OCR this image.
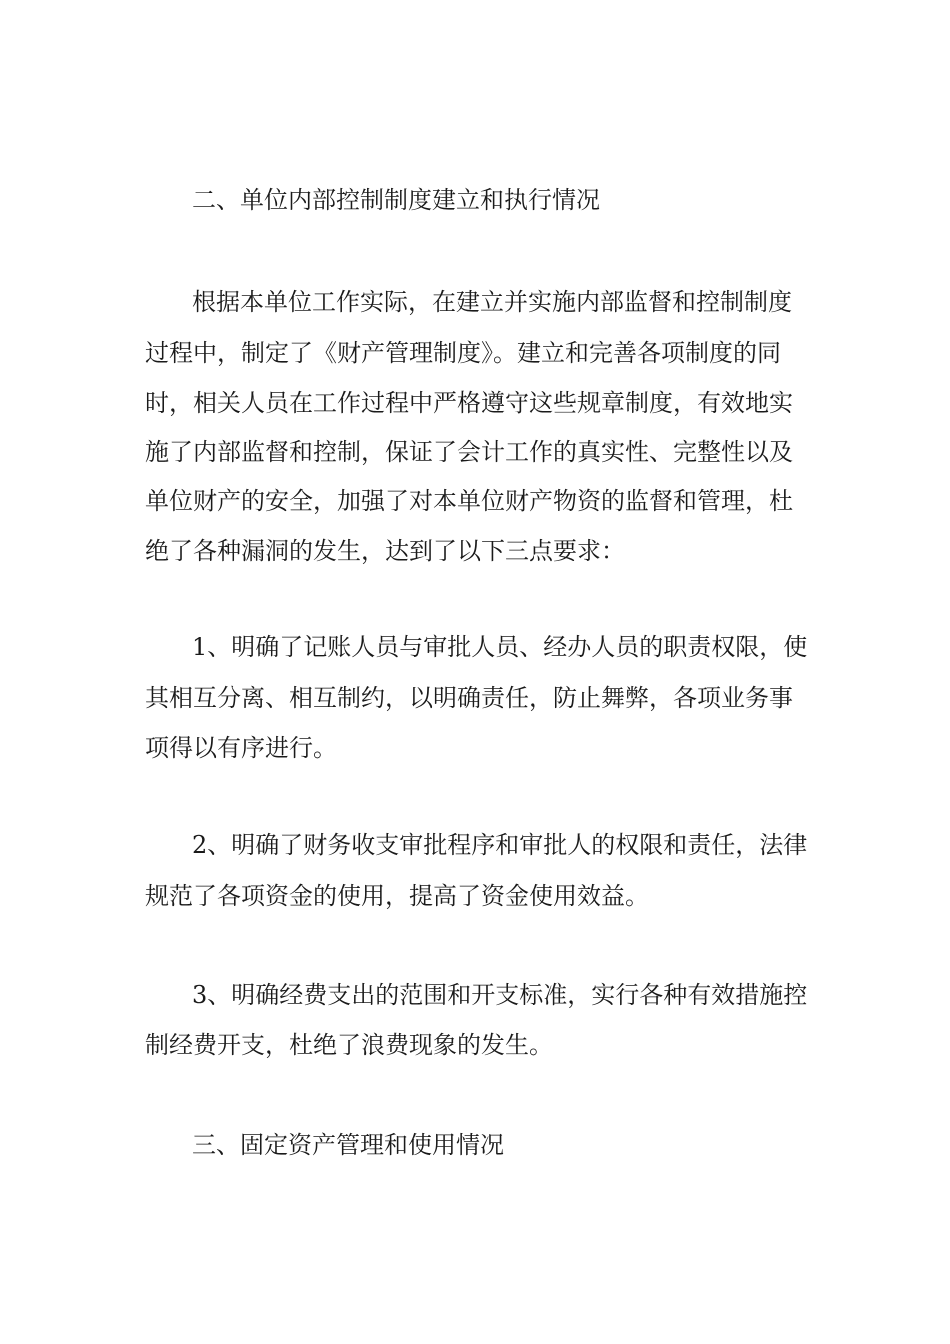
二、单位内部控制制度建立和执行情况

根据本单位工作实际，在建立并实施内部监督和控制制度

过程中，制定了《财产管理制度》。建立和完善各项制度的同

时，相关人员在工作过程中严格遵守这些规章制度，有效地实

施了内部监督和控制，保证了会计工作的真实性、完整性以及

单位财产的安全，加强了对本单位财产物资的监督和管理，杜

绝了各种漏洞的发生，达到了以下三点要求：

1、明确了记账人员与审批人员、经办人员的职责权限，使

其相互分离、相互制约，以明确责任，防止舞弊，各项业务事

项得以有序进行。

2、明确了财务收支审批程序和审批人的权限和责任，法律

规范了各项资金的使用，提高了资金使用效益。

3、明确经费支出的范围和开支标准，实行各种有效措施控

制经费开支，杜绝了浪费现象的发生。

三、固定资产管理和使用情况
